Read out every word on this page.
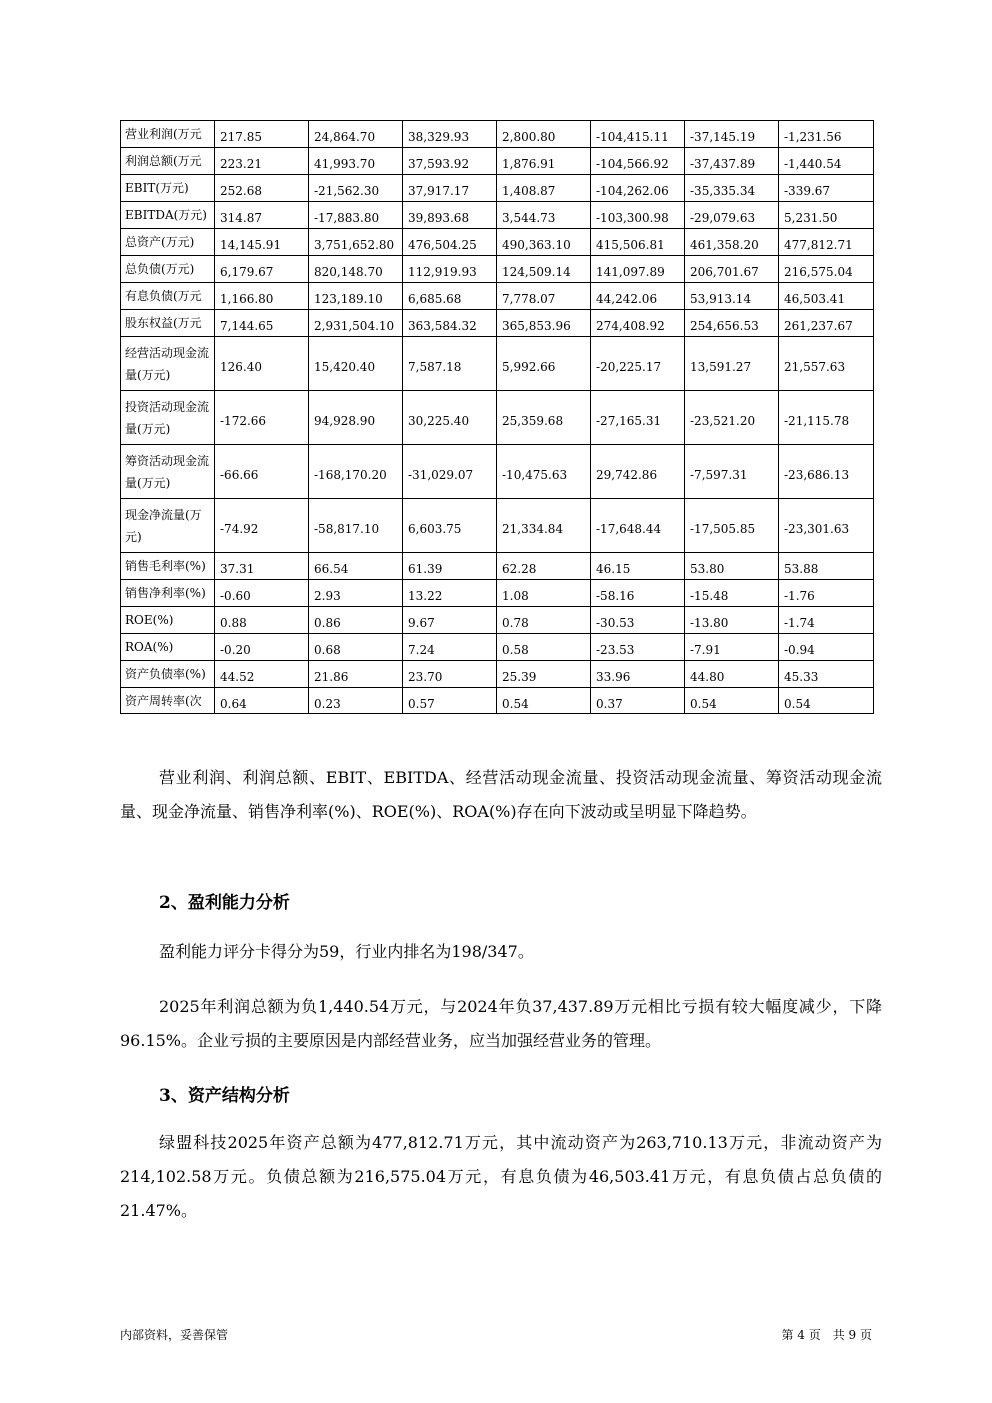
营业利润(万元	217.85	24,864.70	38,329.93	2,800.80	-104,415.11	-37,145.19	-1,231.56
利润总额(万元	223.21	41,993.70	37,593.92	1,876.91	-104,566.92	-37,437.89	-1,440.54
EBIT(万元)	252.68	-21,562.30	37,917.17	1,408.87	-104,262.06	-35,335.34	-339.67
EBITDA(万元)	314.87	-17,883.80	39,893.68	3,544.73	-103,300.98	-29,079.63	5,231.50
总资产(万元)	14,145.91	3,751,652.80	476,504.25	490,363.10	415,506.81	461,358.20	477,812.71
总负债(万元)	6,179.67	820,148.70	112,919.93	124,509.14	141,097.89	206,701.67	216,575.04
有息负债(万元	1,166.80	123,189.10	6,685.68	7,778.07	44,242.06	53,913.14	46,503.41
股东权益(万元	7,144.65	2,931,504.10	363,584.32	365,853.96	274,408.92	254,656.53	261,237.67
经营活动现金流量(万元)	126.40	15,420.40	7,587.18	5,992.66	-20,225.17	13,591.27	21,557.63
投资活动现金流量(万元)	-172.66	94,928.90	30,225.40	25,359.68	-27,165.31	-23,521.20	-21,115.78
筹资活动现金流量(万元)	-66.66	-168,170.20	-31,029.07	-10,475.63	29,742.86	-7,597.31	-23,686.13
现金净流量(万元)	-74.92	-58,817.10	6,603.75	21,334.84	-17,648.44	-17,505.85	-23,301.63
销售毛利率(%)	37.31	66.54	61.39	62.28	46.15	53.80	53.88
销售净利率(%)	-0.60	2.93	13.22	1.08	-58.16	-15.48	-1.76
ROE(%)	0.88	0.86	9.67	0.78	-30.53	-13.80	-1.74
ROA(%)	-0.20	0.68	7.24	0.58	-23.53	-7.91	-0.94
资产负债率(%)	44.52	21.86	23.70	25.39	33.96	44.80	45.33
资产周转率(次	0.64	0.23	0.57	0.54	0.37	0.54	0.54

营业利润、利润总额、EBIT、EBITDA、经营活动现金流量、投资活动现金流量、筹资活动现金流量、现金净流量、销售净利率(%)、ROE(%)、ROA(%)存在向下波动或呈明显下降趋势。

2、盈利能力分析

盈利能力评分卡得分为59，行业内排名为198/347。

2025年利润总额为负1,440.54万元，与2024年负37,437.89万元相比亏损有较大幅度减少，下降96.15%。企业亏损的主要原因是内部经营业务，应当加强经营业务的管理。

3、资产结构分析

绿盟科技2025年资产总额为477,812.71万元，其中流动资产为263,710.13万元，非流动资产为214,102.58万元。负债总额为216,575.04万元，有息负债为46,503.41万元，有息负债占总负债的21.47%。

内部资料，妥善保管	第 4 页　共 9 页
